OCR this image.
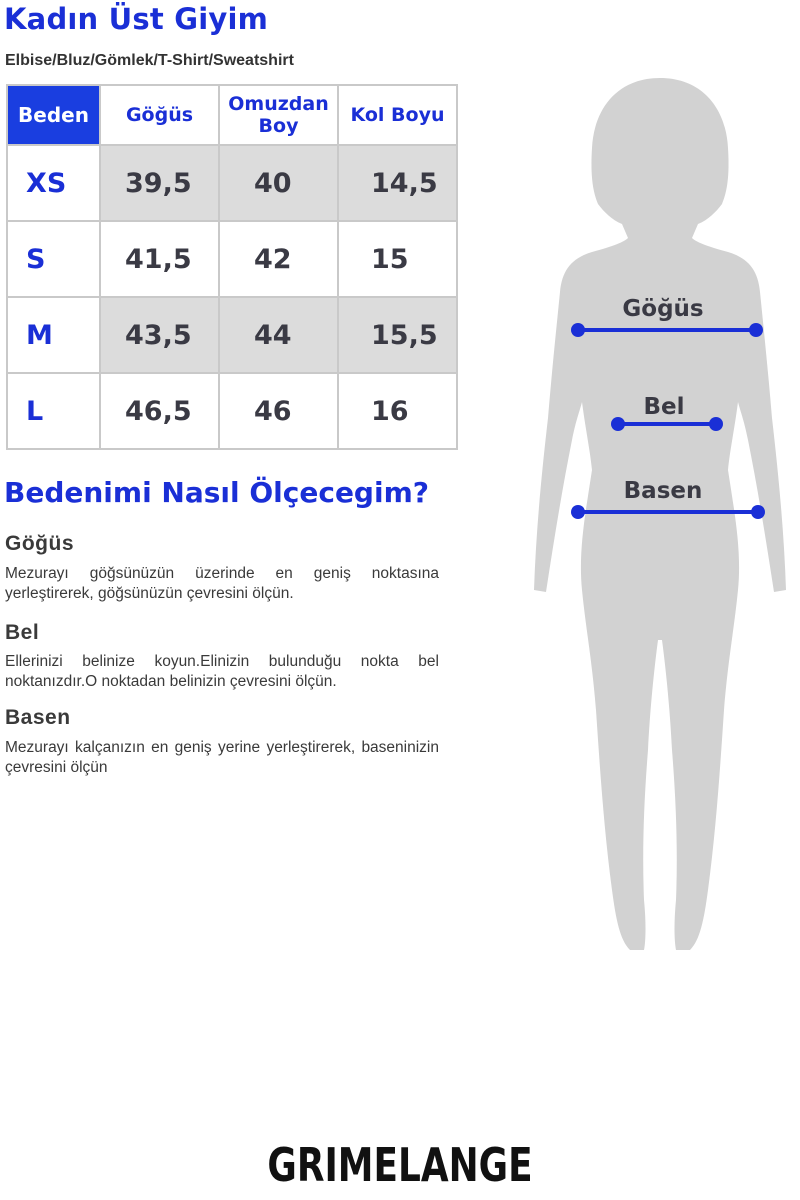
Kadın Üst Giyim
Elbise/Bluz/Gömlek/T-Shirt/Sweatshirt
Beden	Göğüs	Omuzdan Boy	Kol Boyu
XS	39,5	40	14,5
S	41,5	42	15
M	43,5	44	15,5
L	46,5	46	16
Bedenimi Nasıl Ölçecegim?
Göğüs

Mezurayı göğsünüzün üzerinde en geniş noktasına yerleştirerek, göğsünüzün çevresini ölçün.

Bel

Ellerinizi belinize koyun.Elinizin bulunduğu nokta bel noktanızdır.O noktadan belinizin çevresini ölçün.

Basen

Mezurayı kalçanızın en geniş yerine yerleştirerek, baseninizin çevresini ölçün

Göğüs
Bel
Basen
GRIMELANGE
